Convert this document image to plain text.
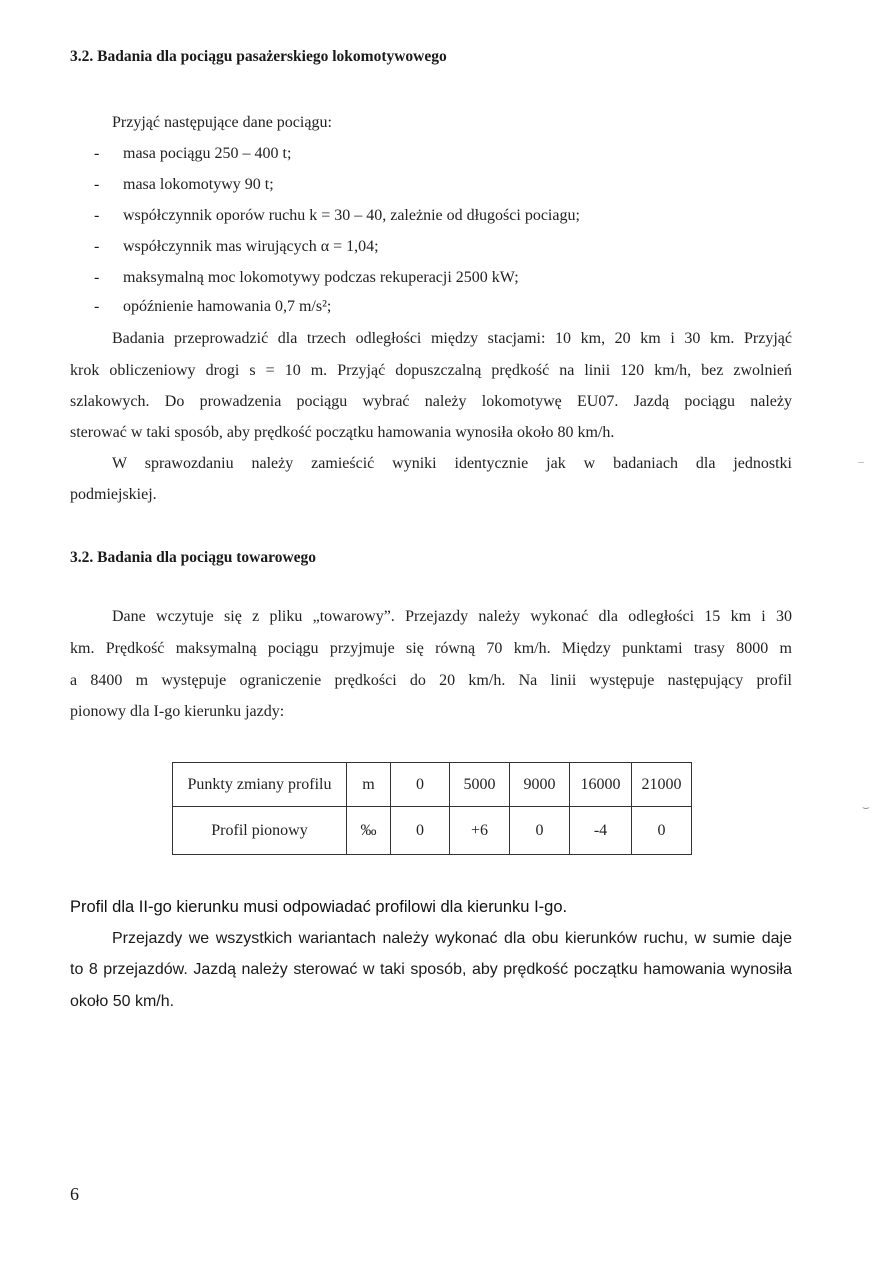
3.2. Badania dla pociągu pasażerskiego lokomotywowego
Przyjąć następujące dane pociągu:
- masa pociągu 250 – 400 t;
- masa lokomotywy 90 t;
- współczynnik oporów ruchu k = 30 – 40, zależnie od długości pociagu;
- współczynnik mas wirujących α = 1,04;
- maksymalną moc lokomotywy podczas rekuperacji 2500 kW;
- opóźnienie hamowania 0,7 m/s²;
Badania przeprowadzić dla trzech odległości między stacjami: 10 km, 20 km i 30 km. Przyjąć
krok obliczeniowy drogi s = 10 m. Przyjąć dopuszczalną prędkość na linii 120 km/h, bez zwolnień
szlakowych. Do prowadzenia pociągu wybrać należy lokomotywę EU07. Jazdą pociągu należy
sterować w taki sposób, aby prędkość początku hamowania wynosiła około 80 km/h.
W sprawozdaniu należy zamieścić wyniki identycznie jak w badaniach dla jednostki
podmiejskiej.
3.2. Badania dla pociągu towarowego
Dane wczytuje się z pliku „towarowy”. Przejazdy należy wykonać dla odległości 15 km i 30
km. Prędkość maksymalną pociągu przyjmuje się równą 70 km/h. Między punktami trasy 8000 m
a 8400 m występuje ograniczenie prędkości do 20 km/h. Na linii występuje następujący profil
pionowy dla I-go kierunku jazdy:
Punkty zmiany profilu	m	0	5000	9000	16000	21000
Profil pionowy	‰	0	+6	0	-4	0
Profil dla II-go kierunku musi odpowiadać profilowi dla kierunku I-go.
Przejazdy we wszystkich wariantach należy wykonać dla obu kierunków ruchu, w sumie daje
to 8 przejazdów. Jazdą należy sterować w taki sposób, aby prędkość początku hamowania wynosiła
około 50 km/h.
6
–
⌣
